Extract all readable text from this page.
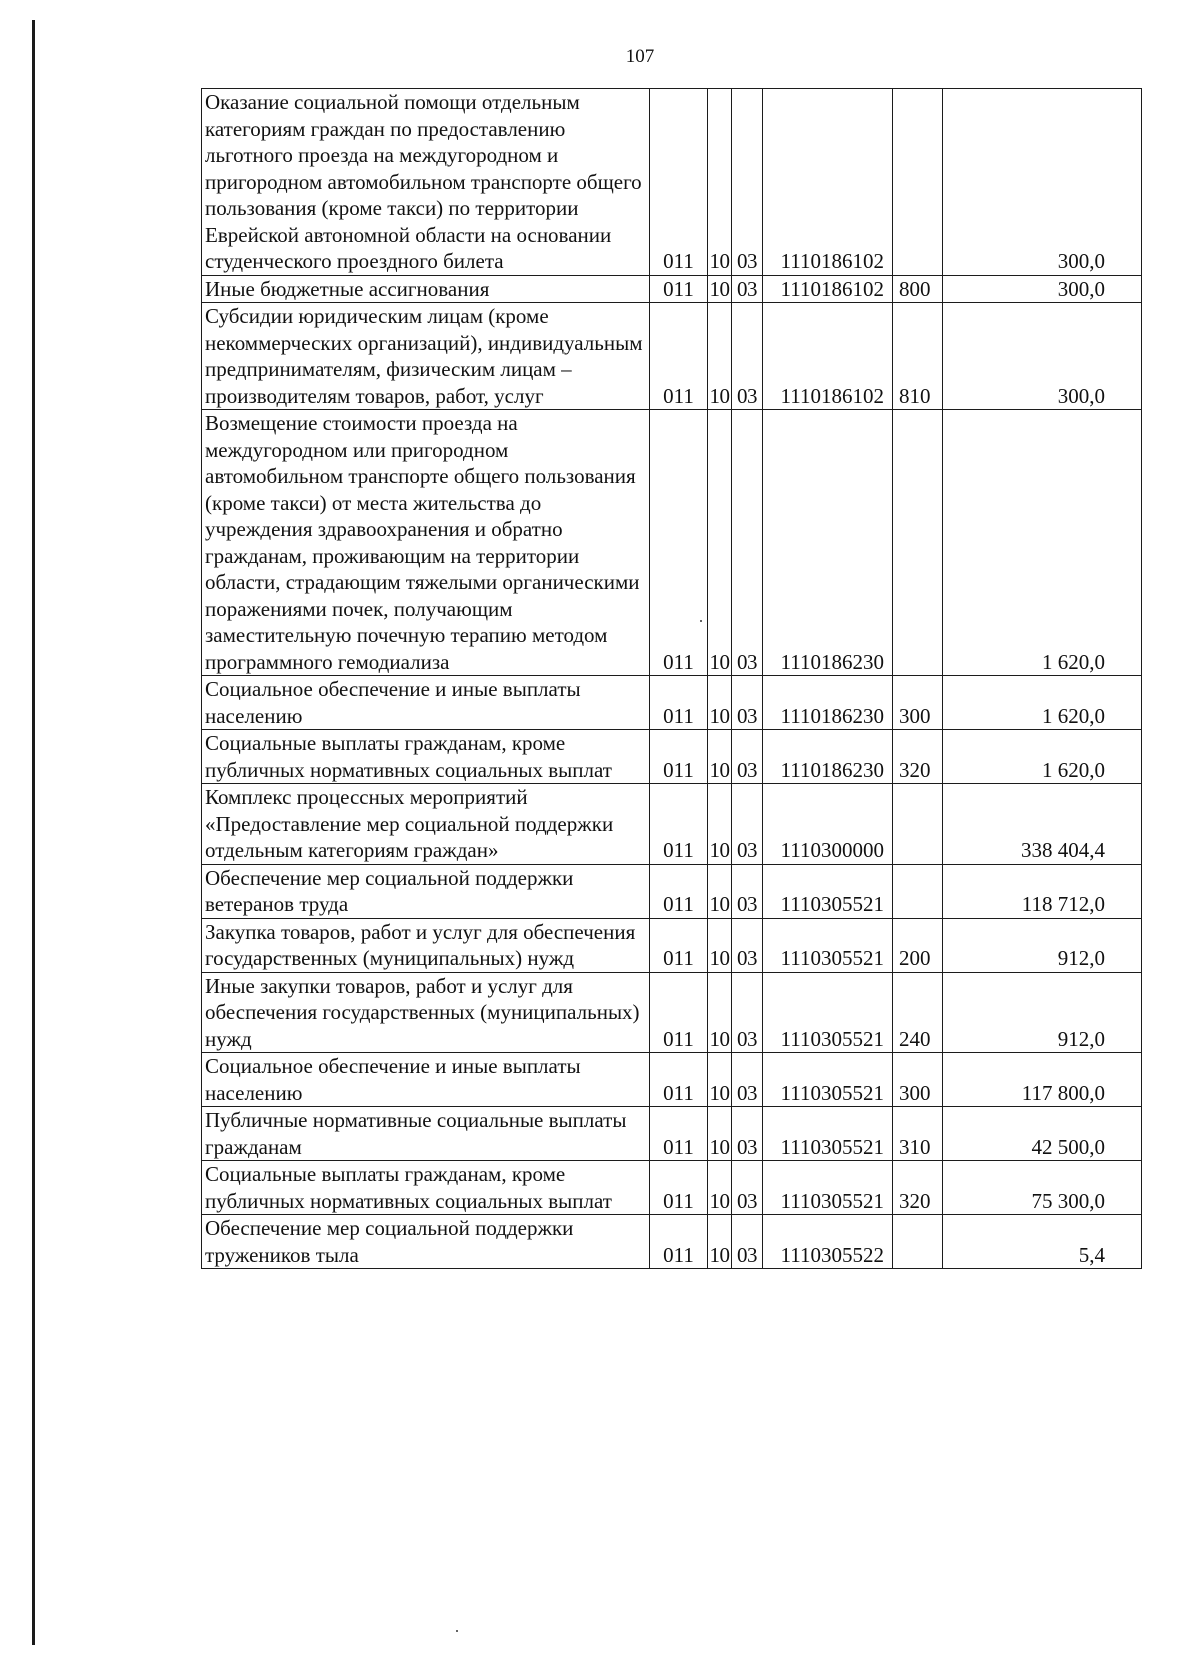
107
Оказание социальной помощи отдельным категориям граждан по предоставлению льготного проезда на междугородном и пригородном автомобильном транспорте общего пользования (кроме такси) по территории Еврейской автономной области на основании студенческого проездного билета	011	10	03	1110186102		300,0
Иные бюджетные ассигнования	011	10	03	1110186102	800	300,0
Субсидии юридическим лицам (кроме некоммерческих организаций), индивидуальным предпринимателям, физическим лицам – производителям товаров, работ, услуг	011	10	03	1110186102	810	300,0
Возмещение стоимости проезда на междугородном или пригородном автомобильном транспорте общего пользования (кроме такси) от места жительства до учреждения здравоохранения и обратно гражданам, проживающим на территории области, страдающим тяжелыми органическими поражениями почек, получающим заместительную почечную терапию методом программного гемодиализа	011	10	03	1110186230		1 620,0
Социальное обеспечение и иные выплаты населению	011	10	03	1110186230	300	1 620,0
Социальные выплаты гражданам, кроме публичных нормативных социальных выплат	011	10	03	1110186230	320	1 620,0
Комплекс процессных мероприятий «Предоставление мер социальной поддержки отдельным категориям граждан»	011	10	03	1110300000		338 404,4
Обеспечение мер социальной поддержки ветеранов труда	011	10	03	1110305521		118 712,0
Закупка товаров, работ и услуг для обеспечения государственных (муниципальных) нужд	011	10	03	1110305521	200	912,0
Иные закупки товаров, работ и услуг для обеспечения государственных (муниципальных) нужд	011	10	03	1110305521	240	912,0
Социальное обеспечение и иные выплаты населению	011	10	03	1110305521	300	117 800,0
Публичные нормативные социальные выплаты гражданам	011	10	03	1110305521	310	42 500,0
Социальные выплаты гражданам, кроме публичных нормативных социальных выплат	011	10	03	1110305521	320	75 300,0
Обеспечение мер социальной поддержки тружеников тыла	011	10	03	1110305522		5,4
